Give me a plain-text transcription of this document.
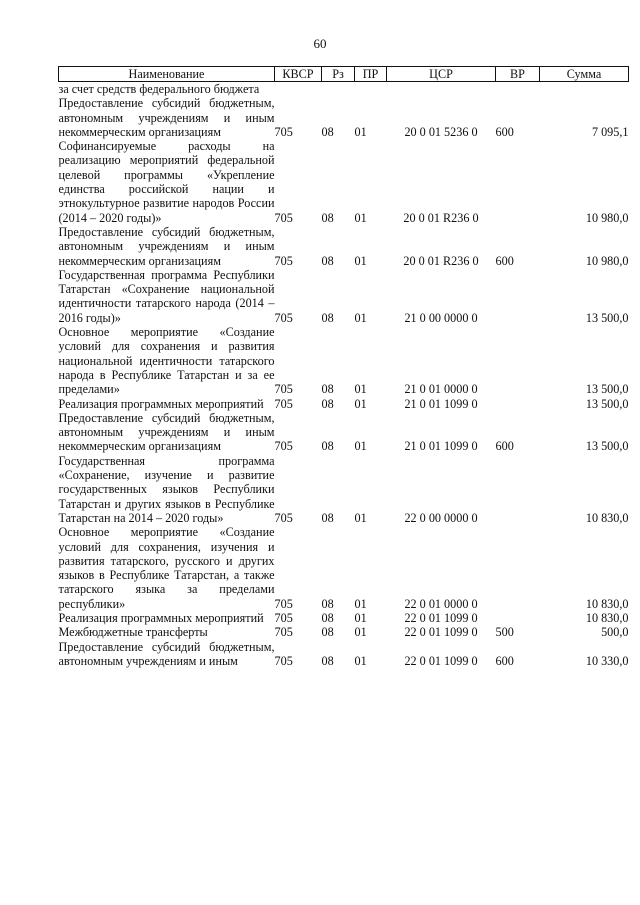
60
Наименование	КВСР	Рз	ПР	ЦСР	ВР	Сумма
за счет средств федерального бюджета						
Предоставление субсидий бюджетным, автономным учреждениям и иным некоммерческим организациям	705	08	01	20 0 01 5236 0	600	7 095,1
Софинансируемые расходы на реализацию мероприятий федеральной целевой программы «Укрепление единства российской нации и этнокультурное развитие народов России (2014 – 2020 годы)»	705	08	01	20 0 01 R236 0		10 980,0
Предоставление субсидий бюджетным, автономным учреждениям и иным некоммерческим организациям	705	08	01	20 0 01 R236 0	600	10 980,0
Государственная программа Республики Татарстан «Сохранение национальной идентичности татарского народа (2014 – 2016 годы)»	705	08	01	21 0 00 0000 0		13 500,0
Основное мероприятие «Создание условий для сохранения и развития национальной идентичности татарского народа в Республике Татарстан и за ее пределами»	705	08	01	21 0 01 0000 0		13 500,0
Реализация программных мероприятий	705	08	01	21 0 01 1099 0		13 500,0
Предоставление субсидий бюджетным, автономным учреждениям и иным некоммерческим организациям	705	08	01	21 0 01 1099 0	600	13 500,0
Государственная программа «Сохранение, изучение и развитие государственных языков Республики Татарстан и других языков в Республике Татарстан на 2014 – 2020 годы»	705	08	01	22 0 00 0000 0		10 830,0
Основное мероприятие «Создание условий для сохранения, изучения и развития татарского, русского и других языков в Республике Татарстан, а также татарского языка за пределами республики»	705	08	01	22 0 01 0000 0		10 830,0
Реализация программных мероприятий	705	08	01	22 0 01 1099 0		10 830,0
Межбюджетные трансферты	705	08	01	22 0 01 1099 0	500	500,0
Предоставление субсидий бюджетным, автономным учреждениям и иным	705	08	01	22 0 01 1099 0	600	10 330,0
